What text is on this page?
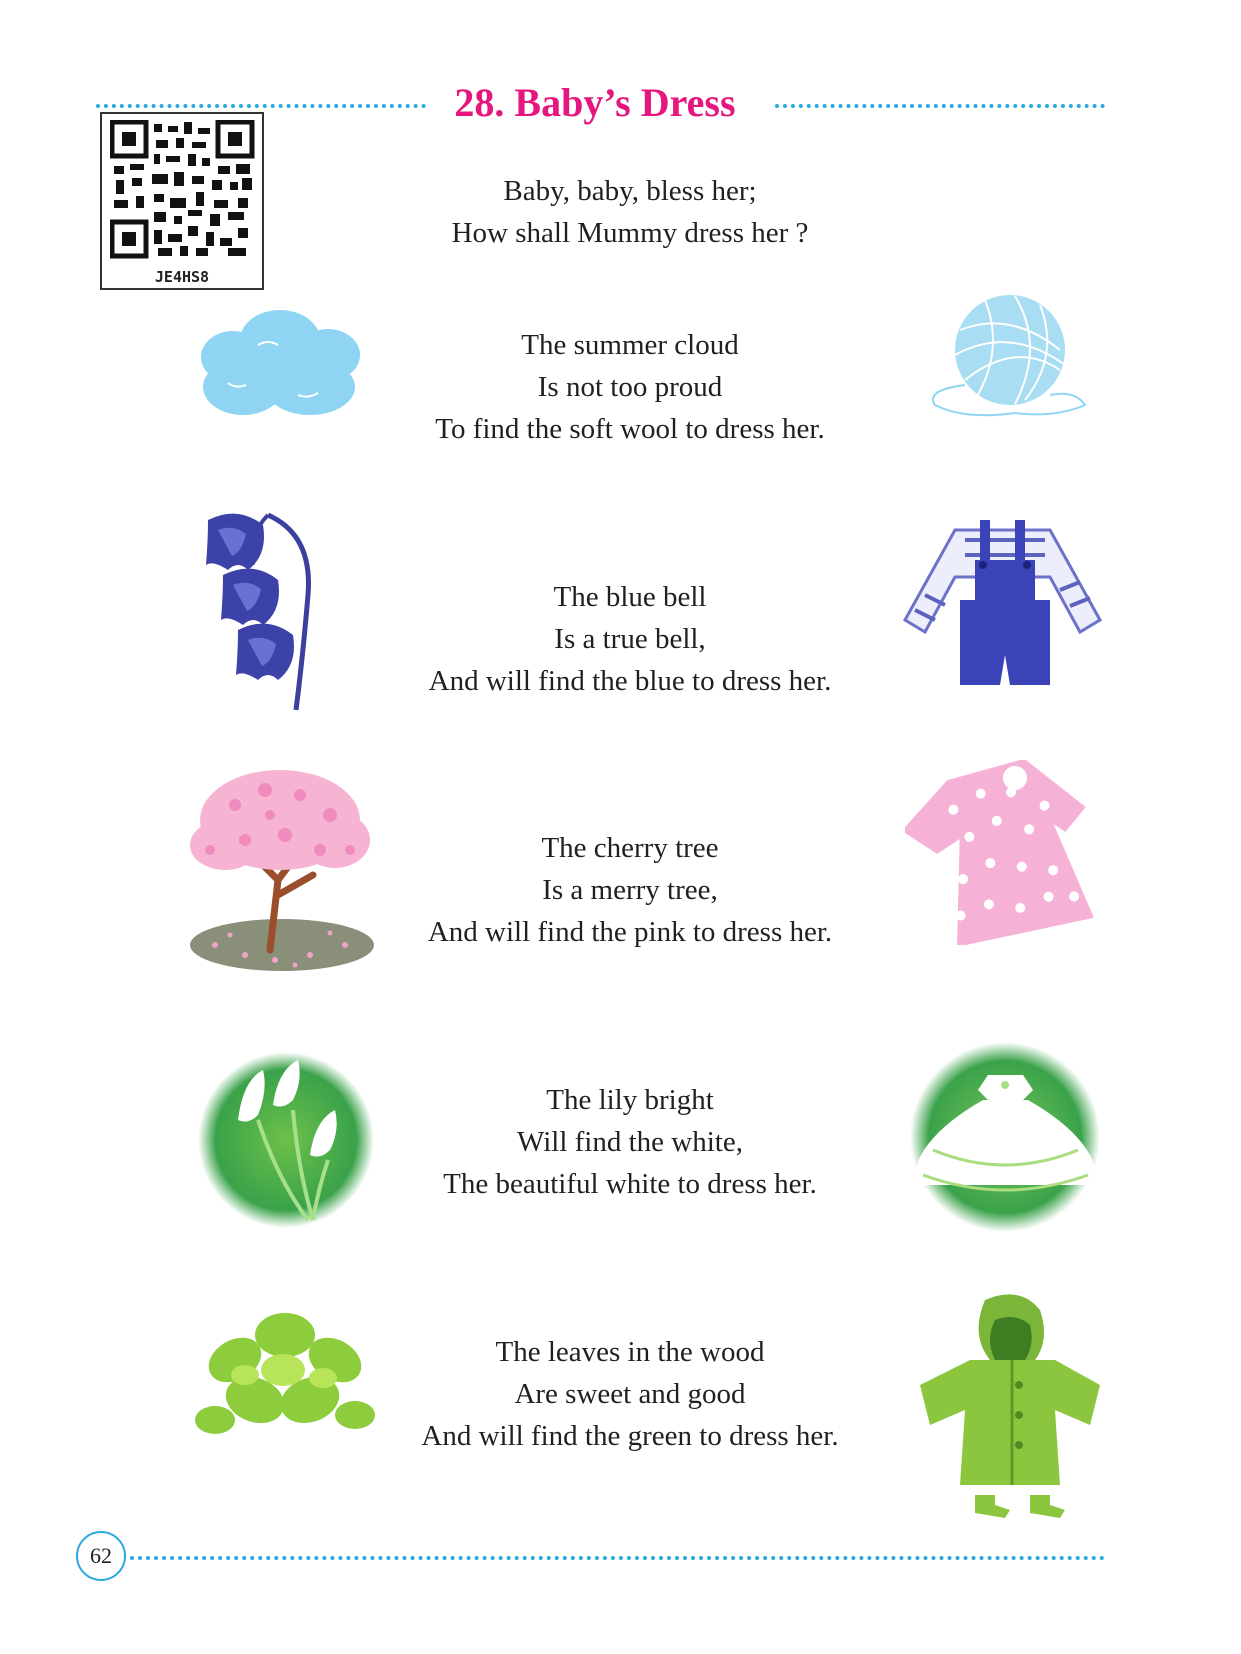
28. Baby’s Dress
JE4HS8
Baby, baby, bless her;
How shall Mummy dress her ?
The summer cloud
Is not too proud
To find the soft wool to dress her.
The blue bell
Is a true bell,
And will find the blue to dress her.
The cherry tree
Is a merry tree,
And will find the pink to dress her.
The lily bright
Will find the white,
The beautiful white to dress her.
The leaves in the wood
Are sweet and good
And will find the green to dress her.
62
